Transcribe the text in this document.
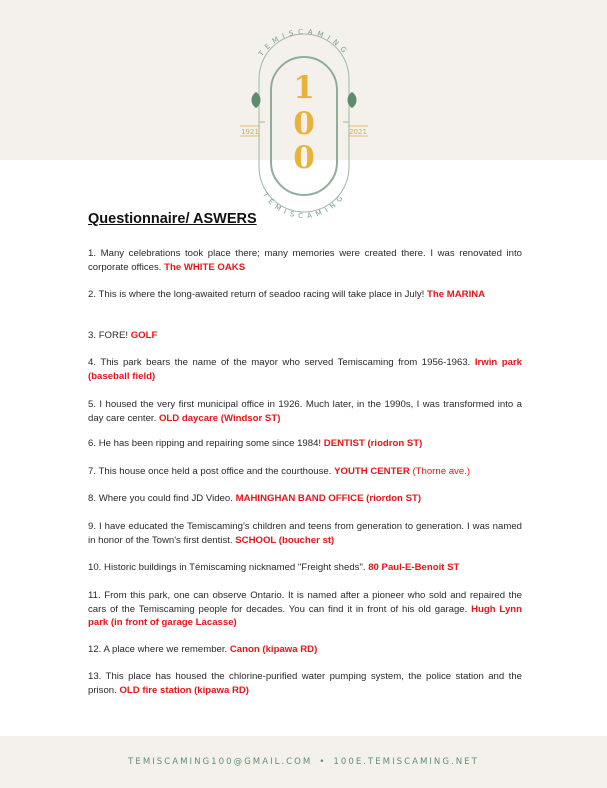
TEMISCAMING
TÉMISCAMING
1921	2021
1
0
0
Questionnaire/ ASWERS

1. Many celebrations took place there; many memories were created there. I was renovated into corporate offices. The WHITE OAKS

2. This is where the long-awaited return of seadoo racing will take place in July! The MARINA

3. FORE! GOLF

4. This park bears the name of the mayor who served Temiscaming from 1956-1963. Irwin park (baseball field)

5. I housed the very first municipal office in 1926. Much later, in the 1990s, I was transformed into a day care center. OLD daycare (Windsor ST)

6. He has been ripping and repairing some since 1984! DENTIST (riodron ST)

7. This house once held a post office and the courthouse. YOUTH CENTER (Thorne ave.)

8. Where you could find JD Video. MAHINGHAN BAND OFFICE (riordon ST)

9. I have educated the Temiscaming's children and teens from generation to generation. I was named in honor of the Town's first dentist. SCHOOL (boucher st)

10. Historic buildings in Témiscaming nicknamed "Freight sheds". 80 Paul-E-Benoit ST

11. From this park, one can observe Ontario. It is named after a pioneer who sold and repaired the cars of the Temiscaming people for decades. You can find it in front of his old garage. Hugh Lynn park (in front of garage Lacasse)

12. A place where we remember. Canon (kipawa RD)

13. This place has housed the chlorine-purified water pumping system, the police station and the prison. OLD fire station (kipawa RD)

TEMISCAMING100@GMAIL.COM • 100E.TEMISCAMING.NET
